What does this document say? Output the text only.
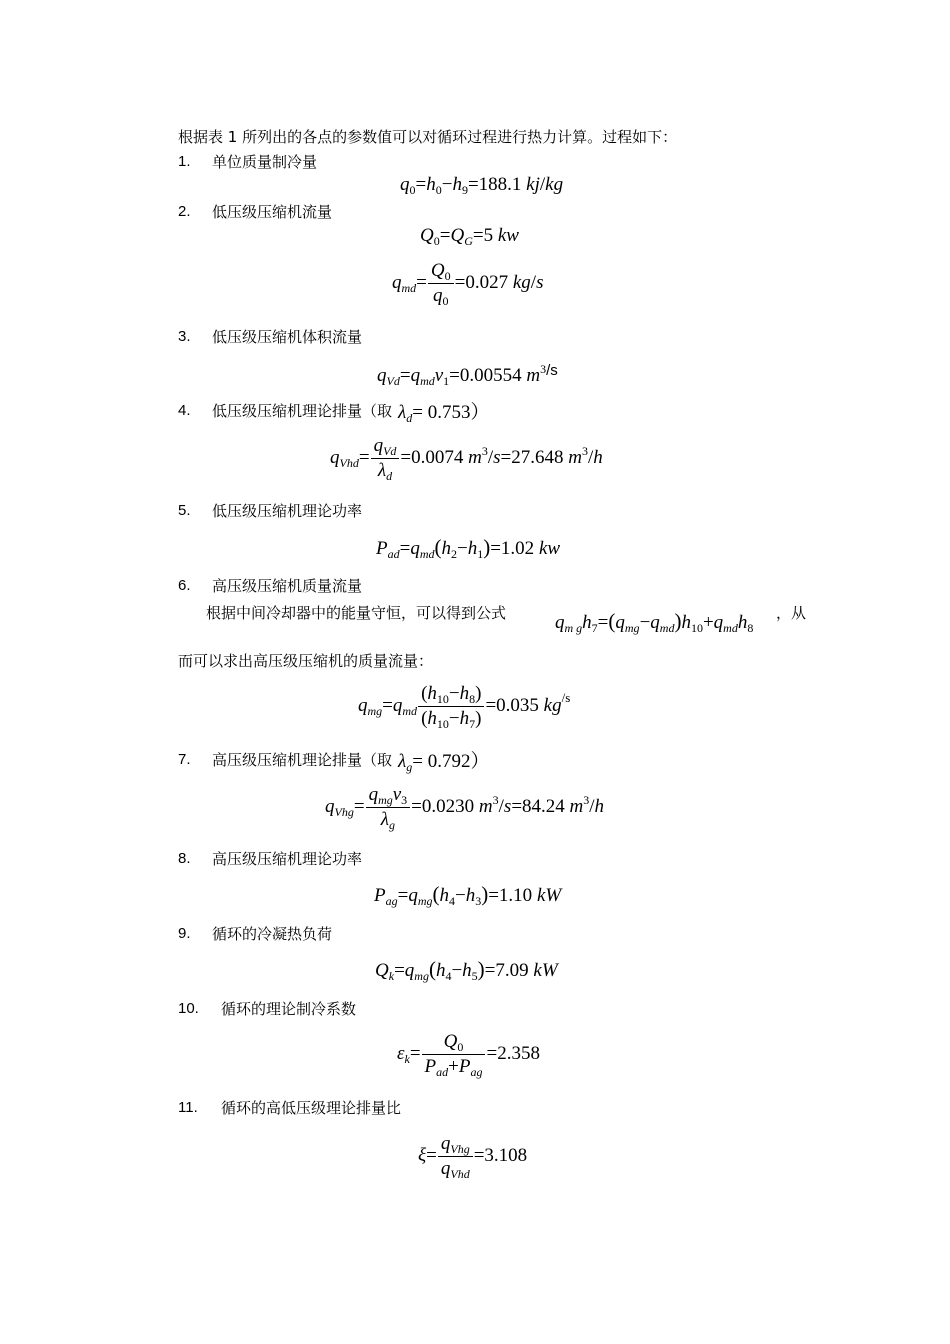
根据表 1 所列出的各点的参数值可以对循环过程进行热力计算。过程如下：
1. 单位质量制冷量
$q_0=h_0-h_9=188.1$ kj/kg
2. 低压级压缩机流量
$Q_0=Q_G=5$ kw
$q_{md}= \frac{Q_0}{q_0} =0.027$ kg/s
3. 低压级压缩机体积流量
$q_{Vd}=q_{md}v_1=0.00554$ $m^{3/s}$
4. 低压级压缩机理论排量（取 $\lambda_d= 0.753$）
$q_{Vhd}= \frac{q_{Vd}}{\lambda_d} =0.0074$ $m^3/s=27.648$ $m^3/h$
5. 低压级压缩机理论功率
$P_{ad}=q_{md}(h_2-h_1)=1.02$ kw
6. 高压级压缩机质量流量
根据中间冷却器中的能量守恒，可以得到公式	$q_{m g}h_7=(q_{mg}-q_{md})h_{10}+q_{md}h_8$
，从
而可以求出高压级压缩机的质量流量：
$q_{mg}=q_{md} \frac{(h_{10}-h_8)}{(h_{10}-h_7)} =0.035$ $kg^{/s}$
7. 高压级压缩机理论排量（取 $\lambda_g= 0.792$）
$q_{Vhg}= \frac{q_{mg}v_3}{\lambda_g} =0.0230$ $m^3/s=84.24$ $m^3/h$
8. 高压级压缩机理论功率
$P_{ag}=q_{mg}(h_4-h_3)=1.10$ kW
9. 循环的冷凝热负荷
$Q_k=q_{mg}(h_4-h_5)=7.09$ kW
10. 循环的理论制冷系数
$\varepsilon_k= \frac{Q_0}{P_{ad}+P_{ag}} =2.358$
11. 循环的高低压级理论排量比
$\xi= \frac{q_{Vhg}}{q_{Vhd}} =3.108$
